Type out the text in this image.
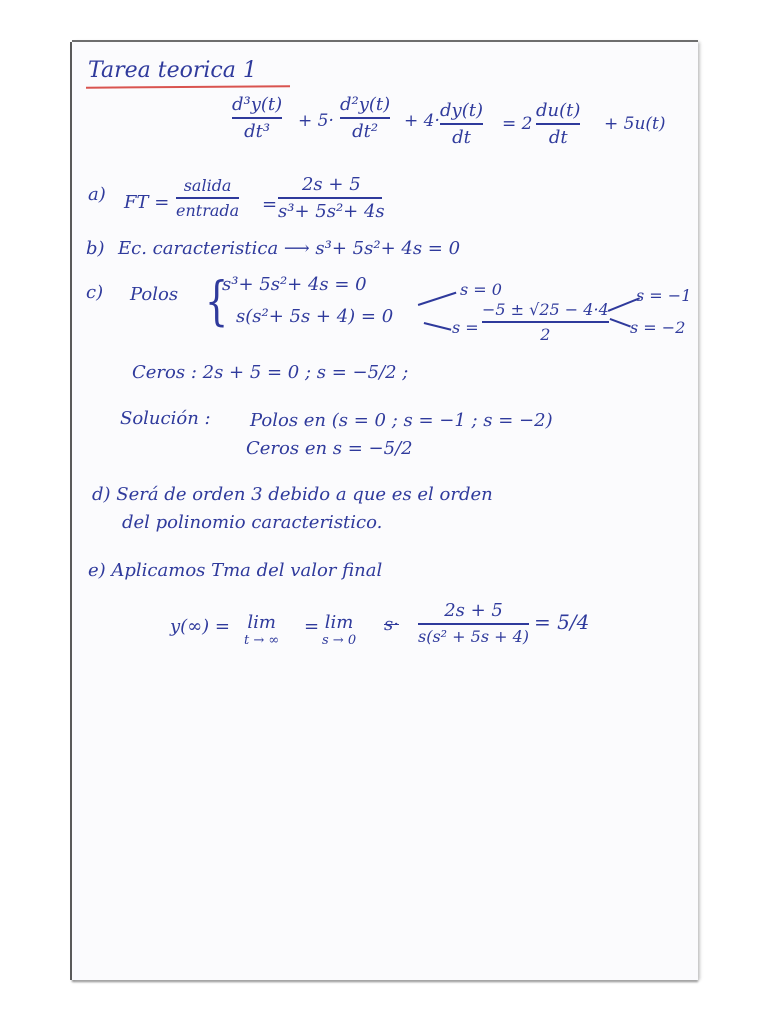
Tarea teorica 1
d³y(t)
dt³ + 5·
d²y(t)
dt² + 4· dy(t)
dt
= 2
du(t)
dt
+ 5u(t)
a) FT =
salida
entrada =
2s + 5
s³+ 5s²+ 4s
b) Ec. caracteristica ⟶ s³+ 5s²+ 4s = 0
c) Polos {
s³+ 5s²+ 4s = 0
s(s²+ 5s + 4) = 0
s = 0
s =
−5 ± √25 − 4·4
2
s = −1
s = −2
Ceros : 2s + 5 = 0 ; s = −5/2 ;
Solución : Polos en (s = 0 ; s = −1 ; s = −2)
Ceros en s = −5/2
d) Será de orden 3 debido a que es el orden
del polinomio caracteristico.
e) Aplicamos Tma del valor final
y(∞) = lim
t → ∞
= lim
s → 0
s·
2s + 5
s(s² + 5s + 4)
= 5/4
